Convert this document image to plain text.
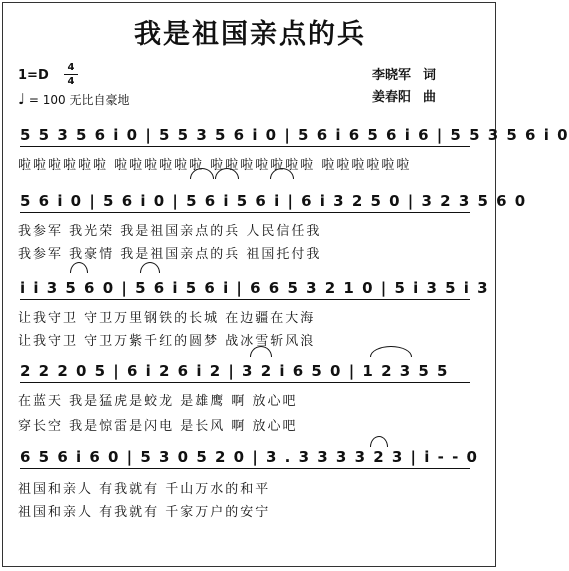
我是祖国亲点的兵
1=D
4
4
♩ = 100 无比自豪地
李晓军 词
姜春阳 曲
5 5 3 5 6 i 0 | 5 5 3 5 6 i 0 | 5 6 i 6 5 6 i 6 | 5 5 3 5 6 i 0
啦啦啦啦啦啦 啦啦啦啦啦啦 啦啦啦啦啦啦啦 啦啦啦啦啦啦
5 6 i 0 | 5 6 i 0 | 5 6 i 5 6 i | 6 i 3 2 5 0 | 3 2 3 5 6 0
我参军 我光荣 我是祖国亲点的兵 人民信任我
我参军 我豪情 我是祖国亲点的兵 祖国托付我
i i 3 5 6 0 | 5 6 i 5 6 i | 6 6 5 3 2 1 0 | 5 i 3 5 i 3
让我守卫 守卫万里钢铁的长城 在边疆在大海
让我守卫 守卫万紫千红的圆梦 战冰雪斩风浪
2 2 2 0 5 | 6 i 2 6 i 2 | 3 2 i 6 5 0 | 1 2 3 5 5
在蓝天 我是猛虎是蛟龙 是雄鹰 啊 放心吧
穿长空 我是惊雷是闪电 是长风 啊 放心吧
6 5 6 i 6 0 | 5 3 0 5 2 0 | 3 . 3 3 3 3 2 3 | i - - 0
祖国和亲人 有我就有 千山万水的和平
祖国和亲人 有我就有 千家万户的安宁
